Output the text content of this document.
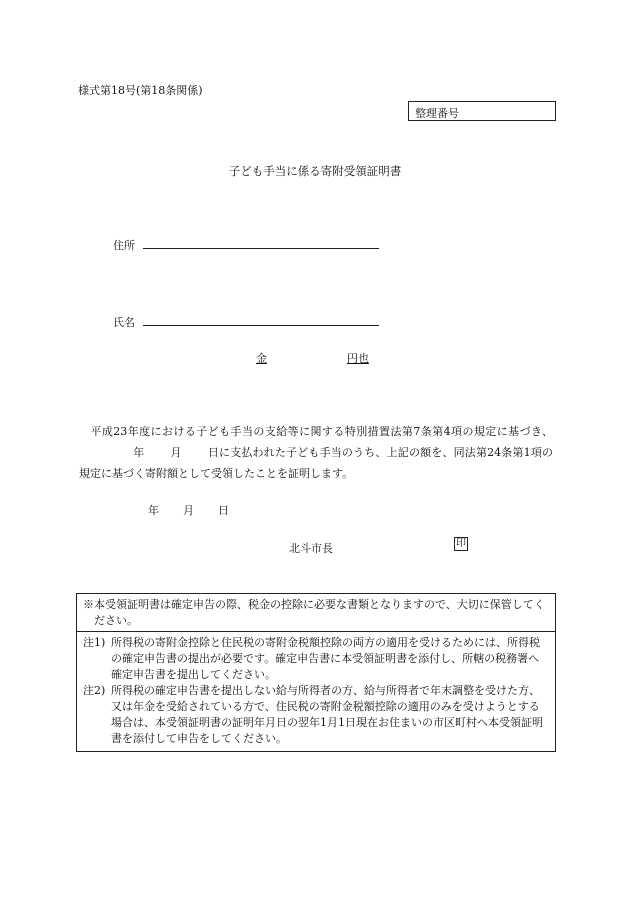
様式第18号(第18条関係)
整理番号
子ども手当に係る寄附受領証明書
住所
氏名
金	円也
平成23年度における子ども手当の支給等に関する特別措置法第7条第4項の規定に基づき、年 月 日に支払われた子ども手当のうち、上記の額を、同法第24条第1項の規定に基づく寄附額として受領したことを証明します。
年 月 日
北斗市長	印
※本受領証明書は確定申告の際、税金の控除に必要な書類となりますので、大切に保管してください。
注1) 所得税の寄附金控除と住民税の寄附金税額控除の両方の適用を受けるためには、所得税の確定申告書の提出が必要です。確定申告書に本受領証明書を添付し、所轄の税務署へ確定申告書を提出してください。
注2) 所得税の確定申告書を提出しない給与所得者の方、給与所得者で年末調整を受けた方、又は年金を受給されている方で、住民税の寄附金税額控除の適用のみを受けようとする場合は、本受領証明書の証明年月日の翌年1月1日現在お住まいの市区町村へ本受領証明書を添付して申告をしてください。
